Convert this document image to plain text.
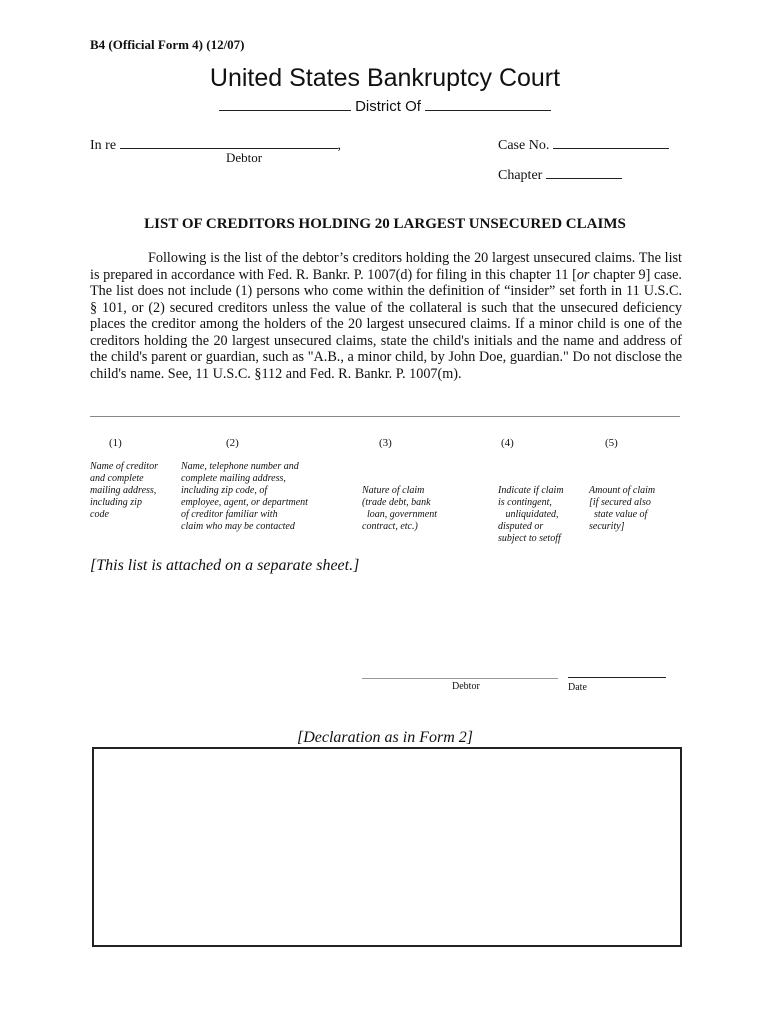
B4 (Official Form 4) (12/07)
United States Bankruptcy Court
District Of
In re	,
Debtor
Case No.
Chapter
LIST OF CREDITORS HOLDING 20 LARGEST UNSECURED CLAIMS

Following is the list of the debtor’s creditors holding the 20 largest unsecured claims. The list is prepared in accordance with Fed. R. Bankr. P. 1007(d) for filing in this chapter 11 [or chapter 9] case. The list does not include (1) persons who come within the definition of “insider” set forth in 11 U.S.C. § 101, or (2) secured creditors unless the value of the collateral is such that the unsecured deficiency places the creditor among the holders of the 20 largest unsecured claims. If a minor child is one of the creditors holding the 20 largest unsecured claims, state the child's initials and the name and address of the child's parent or guardian, such as "A.B., a minor child, by John Doe, guardian." Do not disclose the child's name. See, 11 U.S.C. §112 and Fed. R. Bankr. P. 1007(m).

(1)	(2)	(3)	(4)	(5)
Name of creditor
and complete
mailing address,
including zip
code
Name, telephone number and
complete mailing address,
including zip code, of
employee, agent, or department
of creditor familiar with
claim who may be contacted

Nature of claim
(trade debt, bank
loan, government
contract, etc.)

Indicate if claim
is contingent,
unliquidated,
disputed or
subject to setoff

Amount of claim
[if secured also
state value of
security]

[This list is attached on a separate sheet.]
Debtor	Date
[Declaration as in Form 2]
